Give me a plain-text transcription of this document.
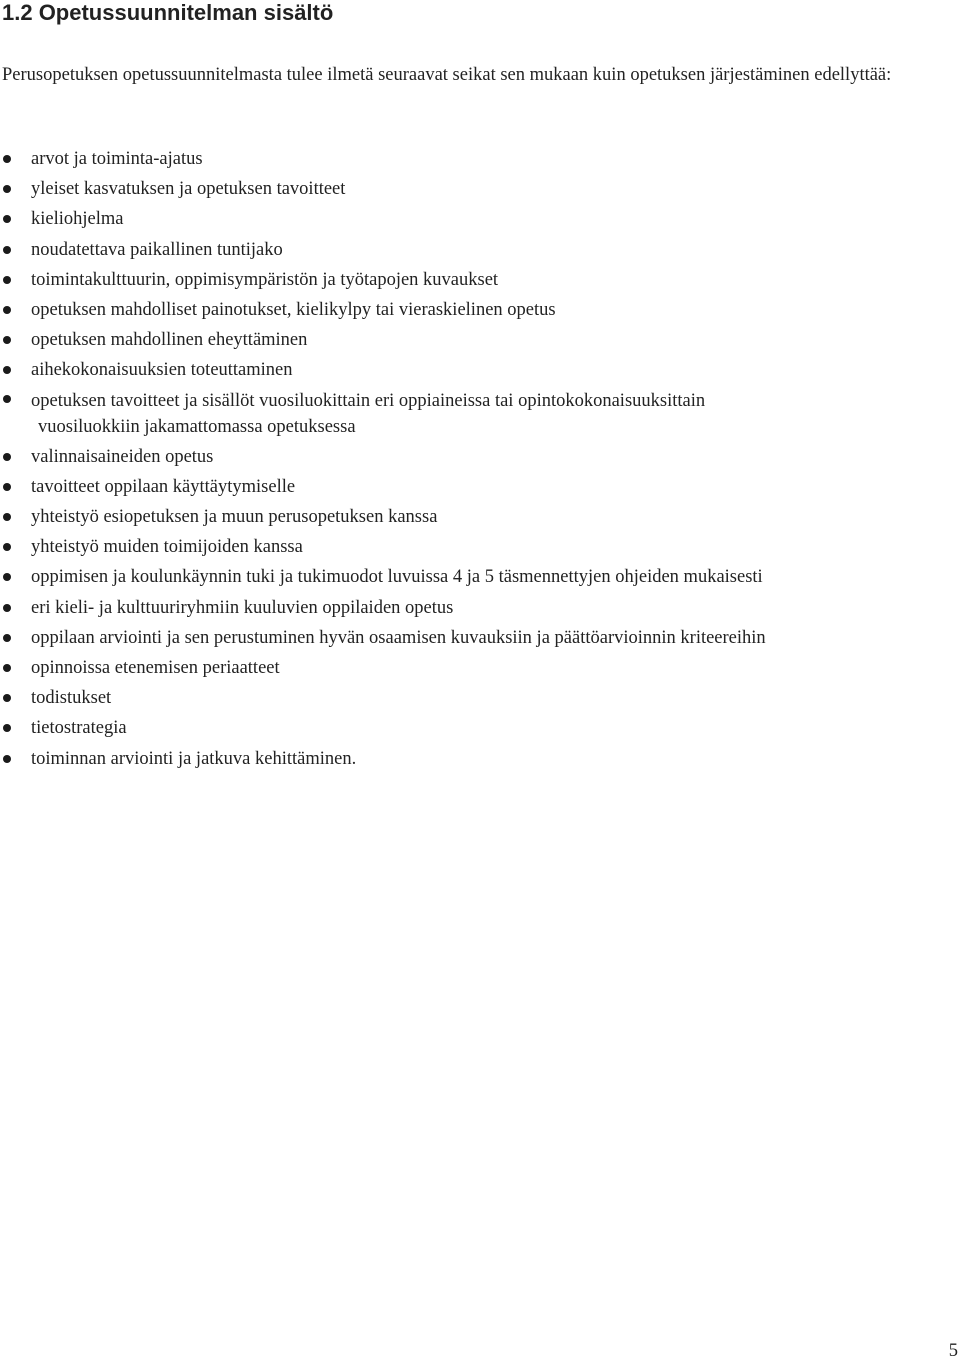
1.2 Opetussuunnitelman sisältö

Perusopetuksen opetussuunnitelmasta tulee ilmetä seuraavat seikat sen mukaan kuin opetuksen järjestäminen edellyttää:

arvot ja toiminta-ajatus
yleiset kasvatuksen ja opetuksen tavoitteet
kieliohjelma
noudatettava paikallinen tuntijako
toimintakulttuurin, oppimisympäristön ja työtapojen kuvaukset
opetuksen mahdolliset painotukset, kielikylpy tai vieraskielinen opetus
opetuksen mahdollinen eheyttäminen
aihekokonaisuuksien toteuttaminen
opetuksen tavoitteet ja sisällöt vuosiluokittain eri oppiaineissa tai opintokokonaisuuksittain
vuosiluokkiin jakamattomassa opetuksessa
valinnaisaineiden opetus
tavoitteet oppilaan käyttäytymiselle
yhteistyö esiopetuksen ja muun perusopetuksen kanssa
yhteistyö muiden toimijoiden kanssa
oppimisen ja koulunkäynnin tuki ja tukimuodot luvuissa 4 ja 5 täsmennettyjen ohjeiden mukaisesti
eri kieli- ja kulttuuriryhmiin kuuluvien oppilaiden opetus
oppilaan arviointi ja sen perustuminen hyvän osaamisen kuvauksiin ja päättöarvioinnin kriteereihin
opinnoissa etenemisen periaatteet
todistukset
tietostrategia
toiminnan arviointi ja jatkuva kehittäminen.
5
